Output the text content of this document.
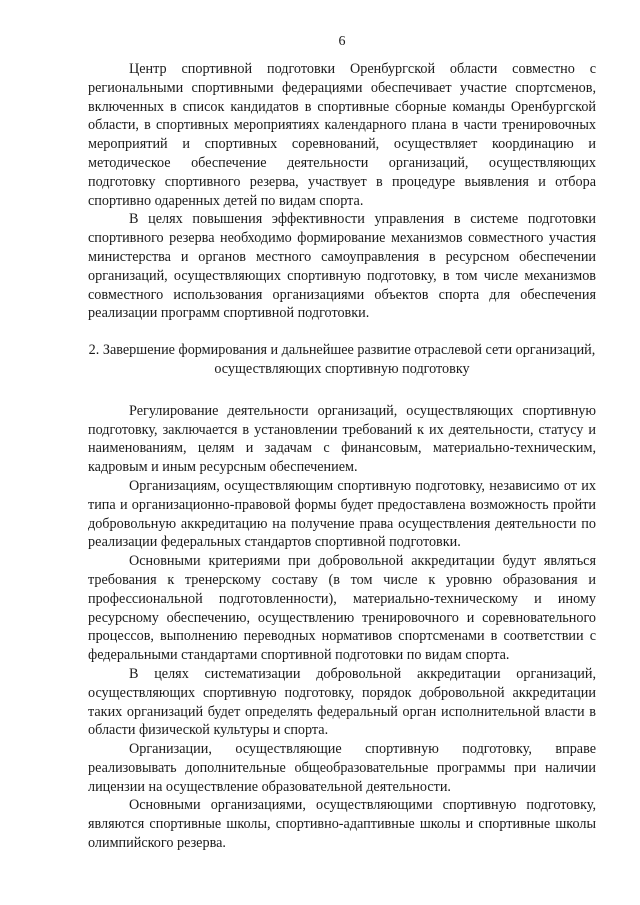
6

Центр спортивной подготовки Оренбургской области совместно с региональными спортивными федерациями обеспечивает участие спортсменов, включенных в список кандидатов в спортивные сборные команды Оренбургской области, в спортивных мероприятиях календарного плана в части тренировочных мероприятий и спортивных соревнований, осуществляет координацию и методическое обеспечение деятельности организаций, осуществляющих подготовку спортивного резерва, участвует в процедуре выявления и отбора спортивно одаренных детей по видам спорта.

В целях повышения эффективности управления в системе подготовки спортивного резерва необходимо формирование механизмов совместного участия министерства и органов местного самоуправления в ресурсном обеспечении организаций, осуществляющих спортивную подготовку, в том числе механизмов совместного использования организациями объектов спорта для обеспечения реализации программ спортивной подготовки.

2. Завершение формирования и дальнейшее развитие отраслевой сети организаций, осуществляющих спортивную подготовку

Регулирование деятельности организаций, осуществляющих спортивную подготовку, заключается в установлении требований к их деятельности, статусу и наименованиям, целям и задачам с финансовым, материально-техническим, кадровым и иным ресурсным обеспечением.

Организациям, осуществляющим спортивную подготовку, независимо от их типа и организационно-правовой формы будет предоставлена возможность пройти добровольную аккредитацию на получение права осуществления деятельности по реализации федеральных стандартов спортивной подготовки.

Основными критериями при добровольной аккредитации будут являться требования к тренерскому составу (в том числе к уровню образования и профессиональной подготовленности), материально-техническому и иному ресурсному обеспечению, осуществлению тренировочного и соревновательного процессов, выполнению переводных нормативов спортсменами в соответствии с федеральными стандартами спортивной подготовки по видам спорта.

В целях систематизации добровольной аккредитации организаций, осуществляющих спортивную подготовку, порядок добровольной аккредитации таких организаций будет определять федеральный орган исполнительной власти в области физической культуры и спорта.

Организации, осуществляющие спортивную подготовку, вправе реализовывать дополнительные общеобразовательные программы при наличии лицензии на осуществление образовательной деятельности.

Основными организациями, осуществляющими спортивную подготовку, являются спортивные школы, спортивно-адаптивные школы и спортивные школы олимпийского резерва.
